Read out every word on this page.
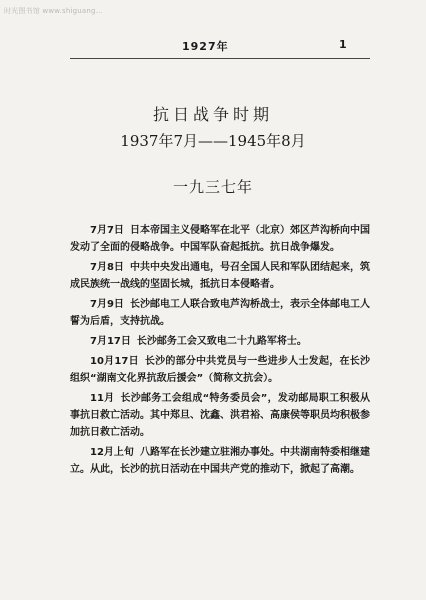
时光图书馆 www.shiguang...
1927年	1
抗日战争时期
1937年7月——1945年8月
一九三七年

7月7日 日本帝国主义侵略军在北平（北京）郊区芦沟桥向中国发动了全面的侵略战争。中国军队奋起抵抗。抗日战争爆发。

7月8日 中共中央发出通电，号召全国人民和军队团结起来，筑成民族统一战线的坚固长城，抵抗日本侵略者。

7月9日 长沙邮电工人联合致电芦沟桥战士，表示全体邮电工人誓为后盾，支持抗战。

7月17日 长沙邮务工会又致电二十九路军将士。

10月17日 长沙的部分中共党员与一些进步人士发起，在长沙组织“湖南文化界抗敌后援会”（简称文抗会）。

11月 长沙邮务工会组成“特务委员会”，发动邮局职工积极从事抗日救亡活动。其中郑旦、沈鑫、洪君裕、高康侯等职员均积极参加抗日救亡活动。

12月上旬 八路军在长沙建立驻湘办事处。中共湖南特委相继建立。从此，长沙的抗日活动在中国共产党的推动下，掀起了高潮。
